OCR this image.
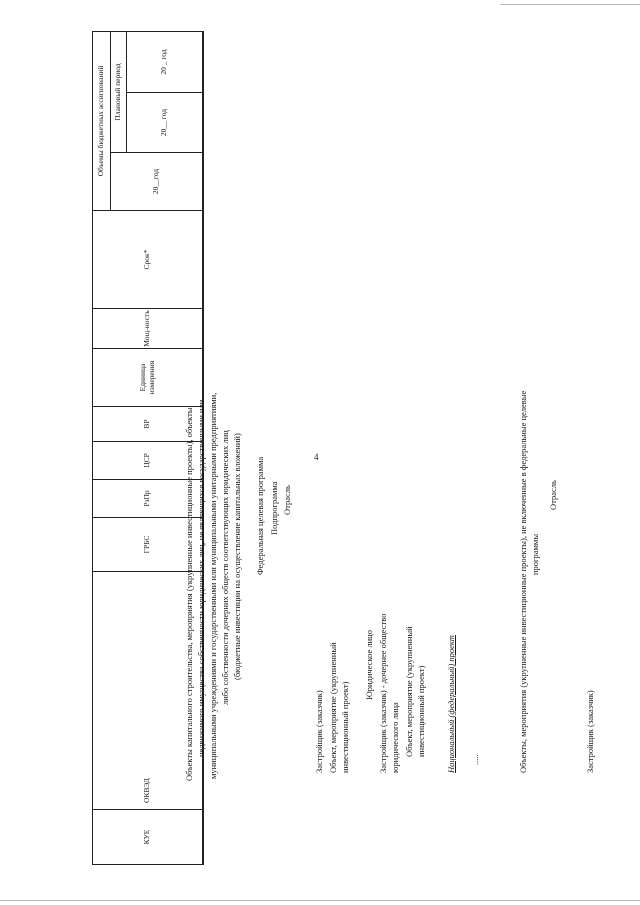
4
КУЕ
ОКВЭД
ГРБС
РзПр
ЦСР
ВР
Единица измерения
Мощ-ность
Срок*
Объемы бюджетных ассигнований
20__год
Плановый период
20__ год
20 _ год
Объекты капитального строительства, мероприятия (укрупненные инвестиционные проекты), объекты недвижимого имущества собственности юридических лиц, не являющихся государственными или муниципальными учреждениями и государственными или муниципальными унитарными предприятиями, либо собственности дочерних обществ соответствующих юридических лиц (бюджетные инвестиции на осуществление капитальных вложений) Федеральная целевая программа Подпрограмма Отрасль
Застройщик (заказчик) Объект, мероприятие (укрупненный инвестиционный проект)
Юридическое лицо Застройщик (заказчик) - дочернее общество юридического лица Объект, мероприятие (укрупненный инвестиционный проект) Национальный (федеральный) проект .....	Объекты, мероприятия (укрупненные инвестиционные проекты), не включенные в федеральные целевые программы
Отрасль
Застройщик (заказчик)
